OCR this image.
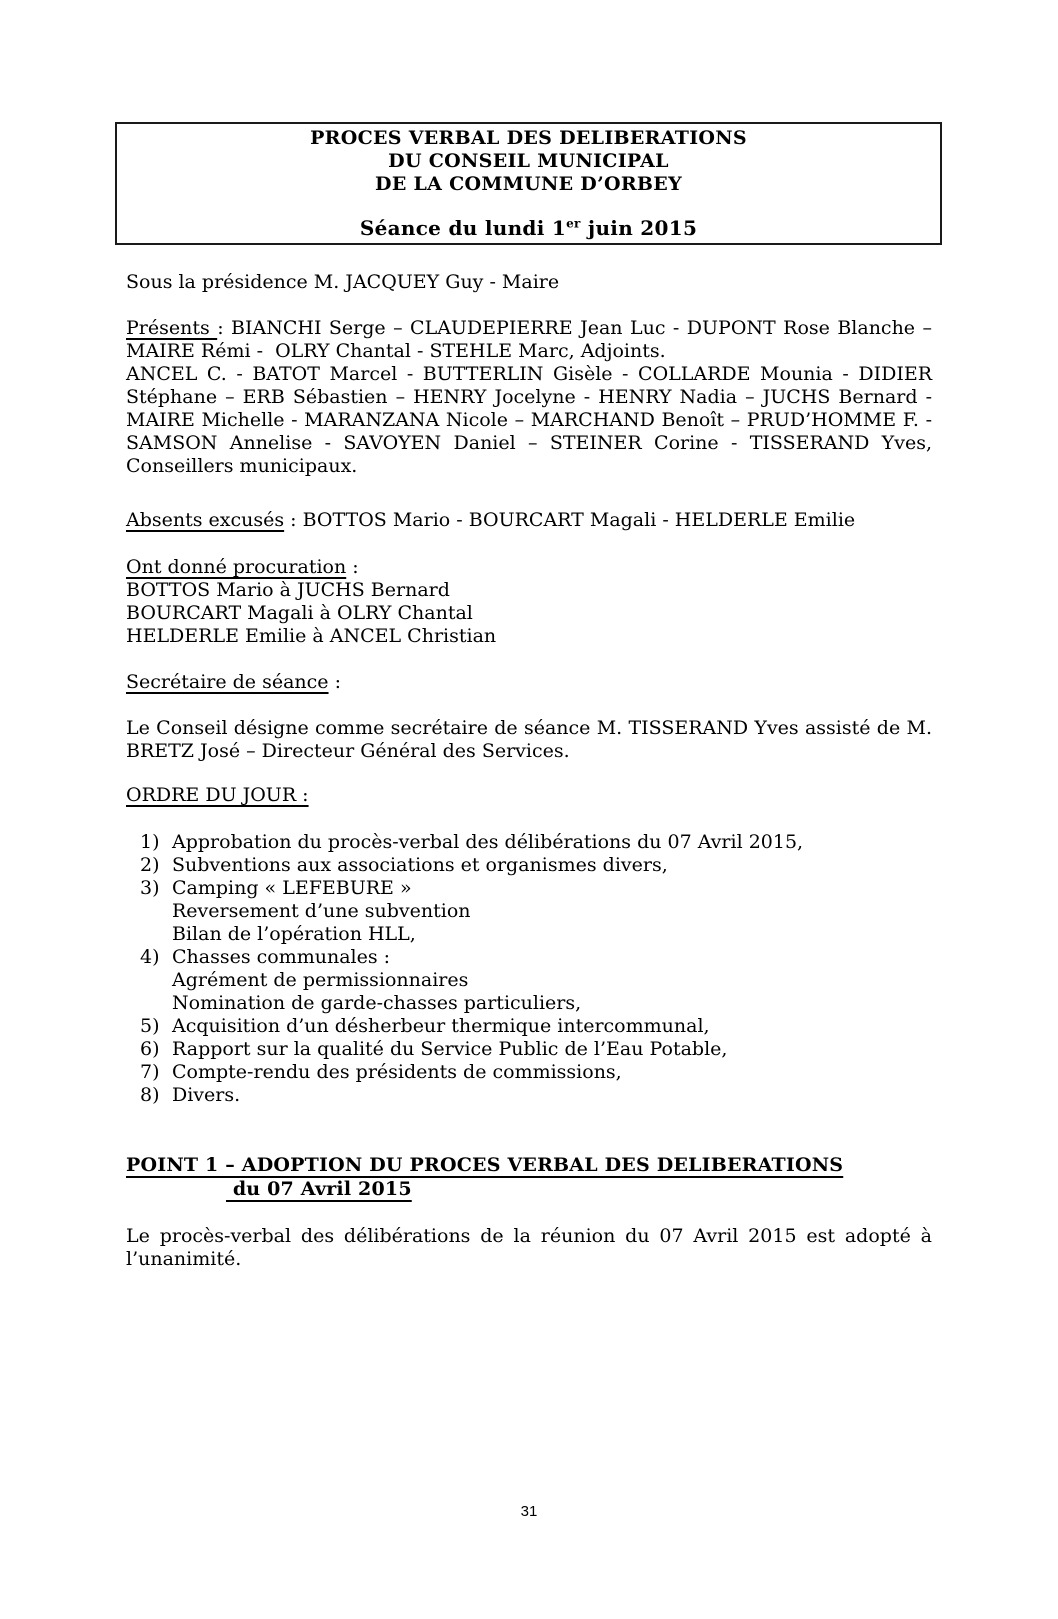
PROCES VERBAL DES DELIBERATIONS
DU CONSEIL MUNICIPAL
DE LA COMMUNE D’ORBEY
Séance du lundi 1er juin 2015
Sous la présidence M. JACQUEY Guy - Maire
Présents : BIANCHI Serge – CLAUDEPIERRE Jean Luc - DUPONT Rose Blanche –
MAIRE Rémi -  OLRY Chantal - STEHLE Marc, Adjoints.
ANCEL C. - BATOT Marcel - BUTTERLIN Gisèle - COLLARDE Mounia - DIDIER
Stéphane – ERB Sébastien – HENRY Jocelyne - HENRY Nadia – JUCHS Bernard -
MAIRE Michelle - MARANZANA Nicole – MARCHAND Benoît – PRUD’HOMME F. -
SAMSON Annelise - SAVOYEN Daniel – STEINER Corine - TISSERAND Yves,
Conseillers municipaux.
Absents excusés : BOTTOS Mario - BOURCART Magali - HELDERLE Emilie
Ont donné procuration :
BOTTOS Mario à JUCHS Bernard
BOURCART Magali à OLRY Chantal
HELDERLE Emilie à ANCEL Christian
Secrétaire de séance :
Le Conseil désigne comme secrétaire de séance M. TISSERAND Yves assisté de M.
BRETZ José – Directeur Général des Services.
ORDRE DU JOUR :
1) Approbation du procès-verbal des délibérations du 07 Avril 2015,
2) Subventions aux associations et organismes divers,
3) Camping « LEFEBURE »
Reversement d’une subvention
Bilan de l’opération HLL,
4) Chasses communales :
Agrément de permissionnaires
Nomination de garde-chasses particuliers,
5) Acquisition d’un désherbeur thermique intercommunal,
6) Rapport sur la qualité du Service Public de l’Eau Potable,
7) Compte-rendu des présidents de commissions,
8) Divers.
POINT 1 – ADOPTION DU PROCES VERBAL DES DELIBERATIONS
du 07 Avril 2015
Le procès-verbal des délibérations de la réunion du 07 Avril 2015 est adopté à
l’unanimité.
31
